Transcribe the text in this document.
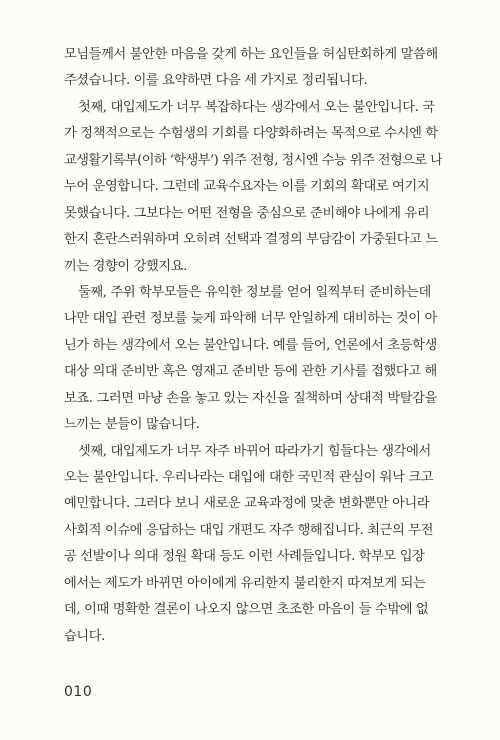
모님들께서 불안한 마음을 갖게 하는 요인들을 허심탄회하게 말씀해
주셨습니다. 이를 요약하면 다음 세 가지로 정리됩니다.
첫째, 대입제도가 너무 복잡하다는 생각에서 오는 불안입니다. 국
가 정책적으로는 수험생의 기회를 다양화하려는 목적으로 수시엔 학
교생활기록부(이하 ‘학생부’) 위주 전형, 정시엔 수능 위주 전형으로 나
누어 운영합니다. 그런데 교육수요자는 이를 기회의 확대로 여기지
못했습니다. 그보다는 어떤 전형을 중심으로 준비해야 나에게 유리
한지 혼란스러워하며 오히려 선택과 결정의 부담감이 가중된다고 느
끼는 경향이 강했지요.
둘째, 주위 학부모들은 유익한 정보를 얻어 일찍부터 준비하는데
나만 대입 관련 정보를 늦게 파악해 너무 안일하게 대비하는 것이 아
닌가 하는 생각에서 오는 불안입니다. 예를 들어, 언론에서 초등학생
대상 의대 준비반 혹은 영재고 준비반 등에 관한 기사를 접했다고 해
보죠. 그러면 마냥 손을 놓고 있는 자신을 질책하며 상대적 박탈감을
느끼는 분들이 많습니다.
셋째, 대입제도가 너무 자주 바뀌어 따라가기 힘들다는 생각에서
오는 불안입니다. 우리나라는 대입에 대한 국민적 관심이 워낙 크고
예민합니다. 그러다 보니 새로운 교육과정에 맞춘 변화뿐만 아니라
사회적 이슈에 응답하는 대입 개편도 자주 행해집니다. 최근의 무전
공 선발이나 의대 정원 확대 등도 이런 사례들입니다. 학부모 입장
에서는 제도가 바뀌면 아이에게 유리한지 불리한지 따져보게 되는
데, 이때 명확한 결론이 나오지 않으면 초조한 마음이 들 수밖에 없
습니다.
010
